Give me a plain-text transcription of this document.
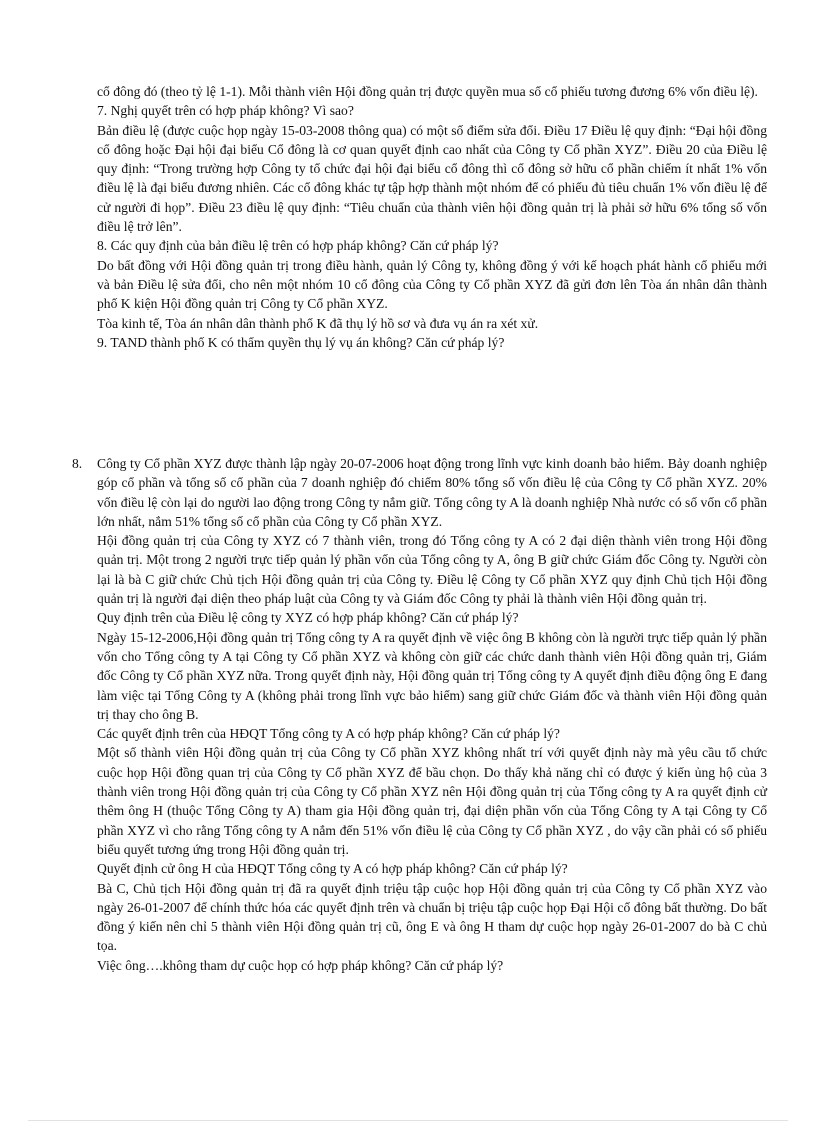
cổ đông đó (theo tỷ lệ 1-1). Mỗi thành viên Hội đồng quản trị được quyền mua số cổ phiếu tương đương 6% vốn điều lệ).

7. Nghị quyết trên có hợp pháp không? Vì sao?

Bản điều lệ (được cuộc họp ngày 15-03-2008 thông qua) có một số điểm sửa đổi. Điều 17 Điều lệ quy định: “Đại hội đồng cổ đông hoặc Đại hội đại biểu Cổ đông là cơ quan quyết định cao nhất của Công ty Cổ phần XYZ”. Điều 20 của Điều lệ quy định: “Trong trường hợp Công ty tổ chức đại hội đại biểu cổ đông thì cổ đông sở hữu cổ phần chiếm ít nhất 1% vốn điều lệ là đại biểu đương nhiên. Các cổ đông khác tự tập hợp thành một nhóm để có phiếu đủ tiêu chuẩn 1% vốn điều lệ để cử người đi họp”. Điều 23 điều lệ quy định: “Tiêu chuẩn của thành viên hội đồng quản trị là phải sở hữu 6% tổng số vốn điều lệ trở lên”.

8. Các quy định của bản điều lệ trên có hợp pháp không? Căn cứ pháp lý?

Do bất đồng với Hội đồng quản trị trong điều hành, quản lý Công ty, không đồng ý với kế hoạch phát hành cổ phiếu mới và bản Điều lệ sửa đổi, cho nên một nhóm 10 cổ đông của Công ty Cổ phần XYZ đã gửi đơn lên Tòa án nhân dân thành phố K kiện Hội đồng quản trị Công ty Cổ phần XYZ.

Tòa kinh tế, Tòa án nhân dân thành phố K đã thụ lý hồ sơ và đưa vụ án ra xét xử.

9. TAND thành phố K có thẩm quyền thụ lý vụ án không? Căn cứ pháp lý?

8. Công ty Cổ phần XYZ được thành lập ngày 20-07-2006 hoạt động trong lĩnh vực kinh doanh bảo hiểm. Bảy doanh nghiệp góp cổ phần và tổng số cổ phần của 7 doanh nghiệp đó chiếm 80% tổng số vốn điều lệ của Công ty Cổ phần XYZ. 20% vốn điều lệ còn lại do người lao động trong Công ty nắm giữ. Tổng công ty A là doanh nghiệp Nhà nước có số vốn cổ phần lớn nhất, nắm 51% tổng số cổ phần của Công ty Cổ phần XYZ.

Hội đồng quản trị của Công ty XYZ có 7 thành viên, trong đó Tổng công ty A có 2 đại diện thành viên trong Hội đồng quản trị. Một trong 2 người trực tiếp quản lý phần vốn của Tổng công ty A, ông B giữ chức Giám đốc Công ty. Người còn lại là bà C giữ chức Chủ tịch Hội đồng quản trị của Công ty. Điều lệ Công ty Cổ phần XYZ quy định Chủ tịch Hội đồng quản trị là người đại diện theo pháp luật của Công ty và Giám đốc Công ty phải là thành viên Hội đồng quản trị.

Quy định trên của Điều lệ công ty XYZ có hợp pháp không? Căn cứ pháp lý?

Ngày 15-12-2006,Hội đồng quản trị Tổng công ty A ra quyết định về việc ông B không còn là người trực tiếp quản lý phần vốn cho Tổng công ty A tại Công ty Cổ phần XYZ và không còn giữ các chức danh thành viên Hội đồng quản trị, Giám đốc Công ty Cổ phần XYZ nữa. Trong quyết định này, Hội đồng quản trị Tổng công ty A quyết định điều động ông E đang làm việc tại Tổng Công ty A (không phải trong lĩnh vực bảo hiểm) sang giữ chức Giám đốc và thành viên Hội đồng quản trị thay cho ông B.

Các quyết định trên của HĐQT Tổng công ty A có hợp pháp không? Căn cứ pháp lý?

Một số thành viên Hội đồng quản trị của Công ty Cổ phần XYZ không nhất trí với quyết định này mà yêu cầu tổ chức cuộc họp Hội đồng quan trị của Công ty Cổ phần XYZ để bầu chọn. Do thấy khả năng chỉ có được ý kiến ủng hộ của 3 thành viên trong Hội đồng quản trị của Công ty Cổ phần XYZ nên Hội đồng quản trị của Tổng công ty A ra quyết định cử thêm ông H (thuộc Tổng Công ty A) tham gia Hội đồng quản trị, đại diện phần vốn của Tổng Công ty A tại Công ty Cổ phần XYZ vì cho rằng Tổng công ty A nắm đến 51% vốn điều lệ của Công ty Cổ phần XYZ , do vậy cần phải có số phiếu biểu quyết tương ứng trong Hội đồng quản trị.

Quyết định cử ông H của HĐQT Tổng công ty A có hợp pháp không? Căn cứ pháp lý?

Bà C, Chủ tịch Hội đồng quản trị đã ra quyết định triệu tập cuộc họp Hội đồng quản trị của Công ty Cổ phần XYZ vào ngày 26-01-2007 để chính thức hóa các quyết định trên và chuẩn bị triệu tập cuộc họp Đại Hội cổ đông bất thường. Do bất đồng ý kiến nên chỉ 5 thành viên Hội đồng quản trị cũ, ông E và ông H tham dự cuộc họp ngày 26-01-2007 do bà C chủ tọa.

Việc ông….không tham dự cuộc họp có hợp pháp không? Căn cứ pháp lý?
